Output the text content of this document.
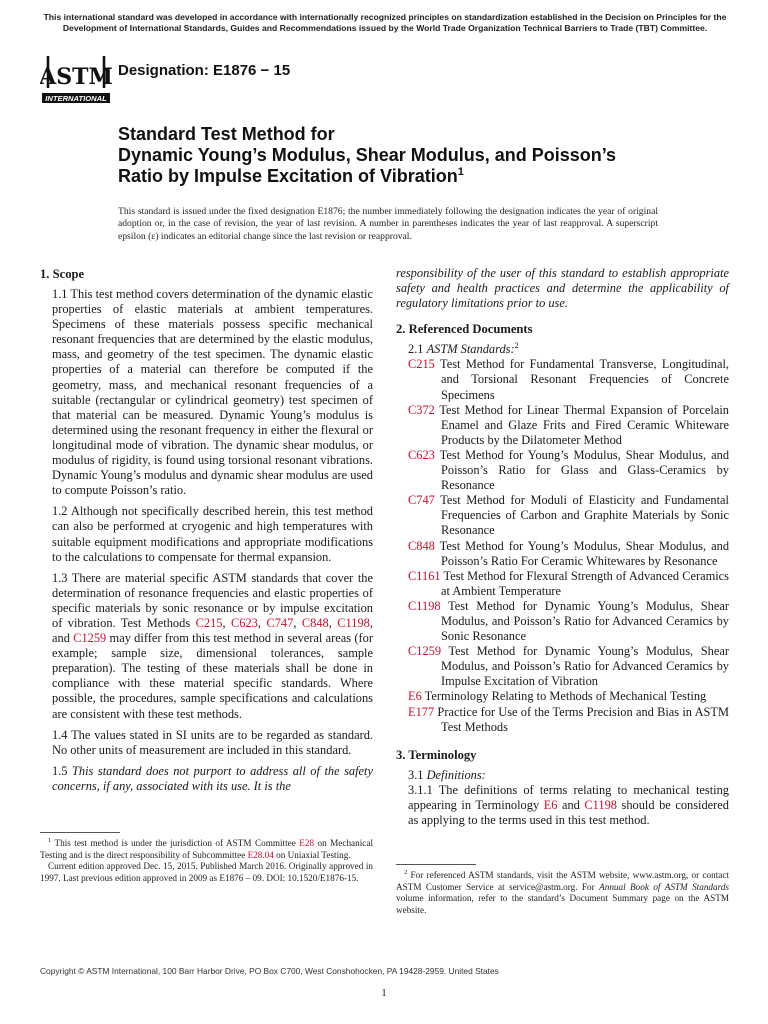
This international standard was developed in accordance with internationally recognized principles on standardization established in the Decision on Principles for the Development of International Standards, Guides and Recommendations issued by the World Trade Organization Technical Barriers to Trade (TBT) Committee.
ASTM
INTERNATIONAL
Designation: E1876 − 15
Standard Test Method for
Dynamic Young’s Modulus, Shear Modulus, and Poisson’s
Ratio by Impulse Excitation of Vibration$^1$
This standard is issued under the fixed designation E1876; the number immediately following the designation indicates the year of original adoption or, in the case of revision, the year of last revision. A number in parentheses indicates the year of last reapproval. A superscript epsilon (ε) indicates an editorial change since the last revision or reapproval.
1. Scope

1.1 This test method covers determination of the dynamic elastic properties of elastic materials at ambient temperatures. Specimens of these materials possess specific mechanical resonant frequencies that are determined by the elastic modulus, mass, and geometry of the test specimen. The dynamic elastic properties of a material can therefore be computed if the geometry, mass, and mechanical resonant frequencies of a suitable (rectangular or cylindrical geometry) test specimen of that material can be measured. Dynamic Young’s modulus is determined using the resonant frequency in either the flexural or longitudinal mode of vibration. The dynamic shear modulus, or modulus of rigidity, is found using torsional resonant vibrations. Dynamic Young’s modulus and dynamic shear modulus are used to compute Poisson’s ratio.

1.2 Although not specifically described herein, this test method can also be performed at cryogenic and high temperatures with suitable equipment modifications and appropriate modifications to the calculations to compensate for thermal expansion.

1.3 There are material specific ASTM standards that cover the determination of resonance frequencies and elastic properties of specific materials by sonic resonance or by impulse excitation of vibration. Test Methods C215, C623, C747, C848, C1198, and C1259 may differ from this test method in several areas (for example; sample size, dimensional tolerances, sample preparation). The testing of these materials shall be done in compliance with these material specific standards. Where possible, the procedures, sample specifications and calculations are consistent with these test methods.

1.4 The values stated in SI units are to be regarded as standard. No other units of measurement are included in this standard.

1.5 This standard does not purport to address all of the safety concerns, if any, associated with its use. It is the

$^1$ This test method is under the jurisdiction of ASTM Committee E28 on Mechanical Testing and is the direct responsibility of Subcommittee E28.04 on Uniaxial Testing.

Current edition approved Dec. 15, 2015. Published March 2016. Originally approved in 1997. Last previous edition approved in 2009 as E1876 – 09. DOI: 10.1520/E1876-15.

responsibility of the user of this standard to establish appropriate safety and health practices and determine the applicability of regulatory limitations prior to use.

2. Referenced Documents

2.1 ASTM Standards:$^2$

C215 Test Method for Fundamental Transverse, Longitudinal, and Torsional Resonant Frequencies of Concrete Specimens
C372 Test Method for Linear Thermal Expansion of Porcelain Enamel and Glaze Frits and Fired Ceramic Whiteware Products by the Dilatometer Method
C623 Test Method for Young’s Modulus, Shear Modulus, and Poisson’s Ratio for Glass and Glass-Ceramics by Resonance
C747 Test Method for Moduli of Elasticity and Fundamental Frequencies of Carbon and Graphite Materials by Sonic Resonance
C848 Test Method for Young’s Modulus, Shear Modulus, and Poisson’s Ratio For Ceramic Whitewares by Resonance
C1161 Test Method for Flexural Strength of Advanced Ceramics at Ambient Temperature
C1198 Test Method for Dynamic Young’s Modulus, Shear Modulus, and Poisson’s Ratio for Advanced Ceramics by Sonic Resonance
C1259 Test Method for Dynamic Young’s Modulus, Shear Modulus, and Poisson’s Ratio for Advanced Ceramics by Impulse Excitation of Vibration
E6 Terminology Relating to Methods of Mechanical Testing
E177 Practice for Use of the Terms Precision and Bias in ASTM Test Methods
3. Terminology

3.1 Definitions:

3.1.1 The definitions of terms relating to mechanical testing appearing in Terminology E6 and C1198 should be considered as applying to the terms used in this test method.

$^2$ For referenced ASTM standards, visit the ASTM website, www.astm.org, or contact ASTM Customer Service at service@astm.org. For Annual Book of ASTM Standards volume information, refer to the standard’s Document Summary page on the ASTM website.

Copyright © ASTM International, 100 Barr Harbor Drive, PO Box C700, West Conshohocken, PA 19428-2959. United States
1
